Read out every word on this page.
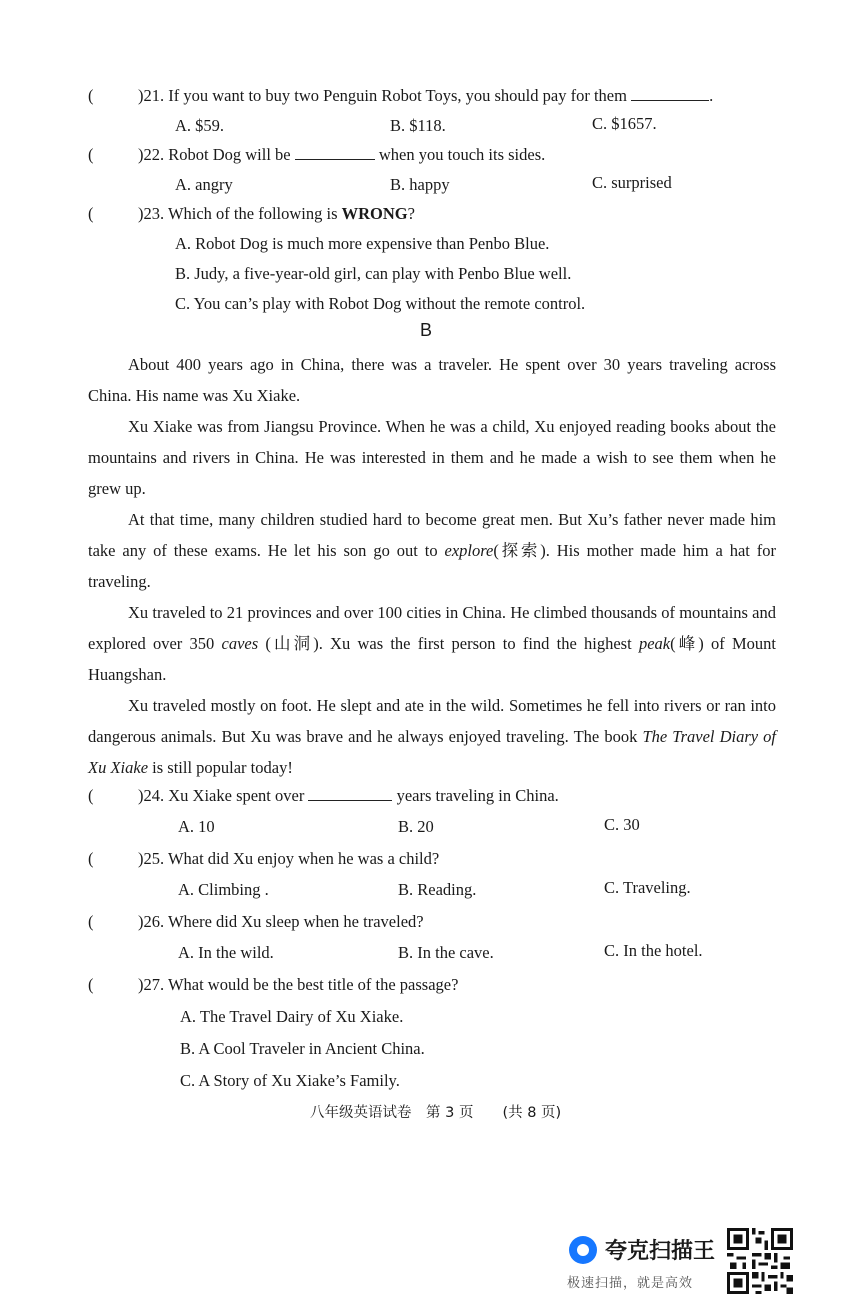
(	)21. If you want to buy two Penguin Robot Toys, you should pay for them	.
A. $59.	B. $118.	C. $1657.
(	)22. Robot Dog will be	when you touch its sides.
A. angry	B. happy	C. surprised
(	)23. Which of the following is WRONG?
A. Robot Dog is much more expensive than Penbo Blue.
B. Judy, a five-year-old girl, can play with Penbo Blue well.
C. You can’s play with Robot Dog without the remote control.
B

About 400 years ago in China, there was a traveler. He spent over 30 years traveling across China. His name was Xu Xiake.

Xu Xiake was from Jiangsu Province. When he was a child, Xu enjoyed reading books about the mountains and rivers in China. He was interested in them and he made a wish to see them when he grew up.

At that time, many children studied hard to become great men. But Xu’s father never made him take any of these exams. He let his son go out to explore(探索). His mother made him a hat for traveling.

Xu traveled to 21 provinces and over 100 cities in China. He climbed thousands of mountains and explored over 350 caves (山洞). Xu was the first person to find the highest peak(峰) of Mount Huangshan.

Xu traveled mostly on foot. He slept and ate in the wild. Sometimes he fell into rivers or ran into dangerous animals. But Xu was brave and he always enjoyed traveling. The book The Travel Diary of Xu Xiake is still popular today!

(	)24. Xu Xiake spent over	years traveling in China.
A. 10	B. 20	C. 30
(	)25. What did Xu enjoy when he was a child?
A. Climbing .	B. Reading.	C. Traveling.
(	)26. Where did Xu sleep when he traveled?
A. In the wild.	B. In the cave.	C. In the hotel.
(	)27. What would be the best title of the passage?
A. The Travel Dairy of Xu Xiake.
B. A Cool Traveler in Ancient China.
C. A Story of Xu Xiake’s Family.
八年级英语试卷　第 3 页　　(共 8 页)
夸克扫描王
极速扫描，就是高效
